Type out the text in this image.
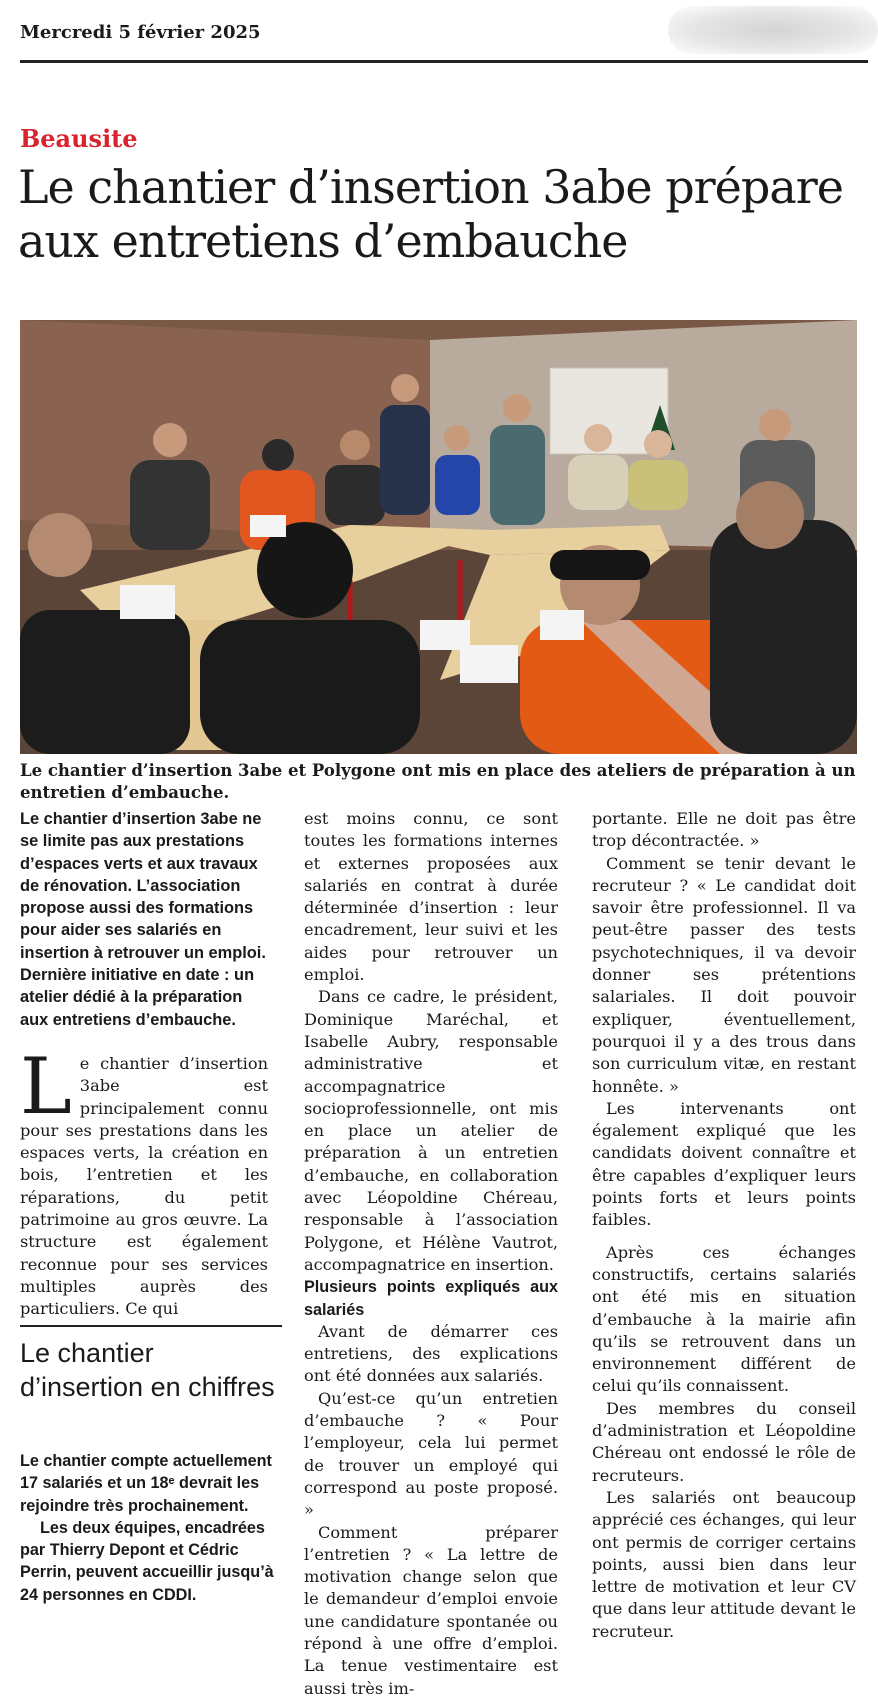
Mercredi 5 février 2025
Beausite
Le chantier d’insertion 3abe prépare aux entretiens d’embauche
Le chantier d’insertion 3abe et Polygone ont mis en place des ateliers de préparation à un entretien d’embauche.

Le chantier d’insertion 3abe ne se limite pas aux prestations d’espaces verts et aux travaux de rénovation. L’association propose aussi des formations pour aider ses salariés en insertion à retrouver un emploi. Dernière initiative en date : un atelier dédié à la préparation aux entretiens d’embauche.

Le chantier d’insertion 3abe est principalement connu pour ses prestations dans les espaces verts, la création en bois, l’entretien et les réparations, du petit patrimoine au gros œuvre. La structure est également reconnue pour ses services multiples auprès des particuliers. Ce qui

Le chantier d’insertion en chiffres

Le chantier compte actuellement 17 salariés et un 18ᵉ devrait les rejoindre très prochainement.

Les deux équipes, encadrées par Thierry Depont et Cédric Perrin, peuvent accueillir jusqu’à 24 personnes en CDDI.

est moins connu, ce sont toutes les formations internes et externes proposées aux salariés en contrat à durée déterminée d’insertion : leur encadrement, leur suivi et les aides pour retrouver un emploi.

Dans ce cadre, le président, Dominique Maréchal, et Isabelle Aubry, responsable administrative et accompagnatrice socioprofessionnelle, ont mis en place un atelier de préparation à un entretien d’embauche, en collaboration avec Léopoldine Chéreau, responsable à l’association Polygone, et Hélène Vautrot, accompagnatrice en insertion.

Plusieurs points expliqués aux salariés

Avant de démarrer ces entretiens, des explications ont été données aux salariés.

Qu’est-ce qu’un entretien d’embauche ? « Pour l’employeur, cela lui permet de trouver un employé qui correspond au poste proposé. »

Comment préparer l’entretien ? « La lettre de motivation change selon que le demandeur d’emploi envoie une candidature spontanée ou répond à une offre d’emploi. La tenue vestimentaire est aussi très im-

portante. Elle ne doit pas être trop décontractée. »

Comment se tenir devant le recruteur ? « Le candidat doit savoir être professionnel. Il va peut-être passer des tests psychotechniques, il va devoir donner ses prétentions salariales. Il doit pouvoir expliquer, éventuellement, pourquoi il y a des trous dans son curriculum vitæ, en restant honnête. »

Les intervenants ont également expliqué que les candidats doivent connaître et être capables d’expliquer leurs points forts et leurs points faibles.

Après ces échanges constructifs, certains salariés ont été mis en situation d’embauche à la mairie afin qu’ils se retrouvent dans un environnement différent de celui qu’ils connaissent.

Des membres du conseil d’administration et Léopoldine Chéreau ont endossé le rôle de recruteurs.

Les salariés ont beaucoup apprécié ces échanges, qui leur ont permis de corriger certains points, aussi bien dans leur lettre de motivation et leur CV que dans leur attitude devant le recruteur.
